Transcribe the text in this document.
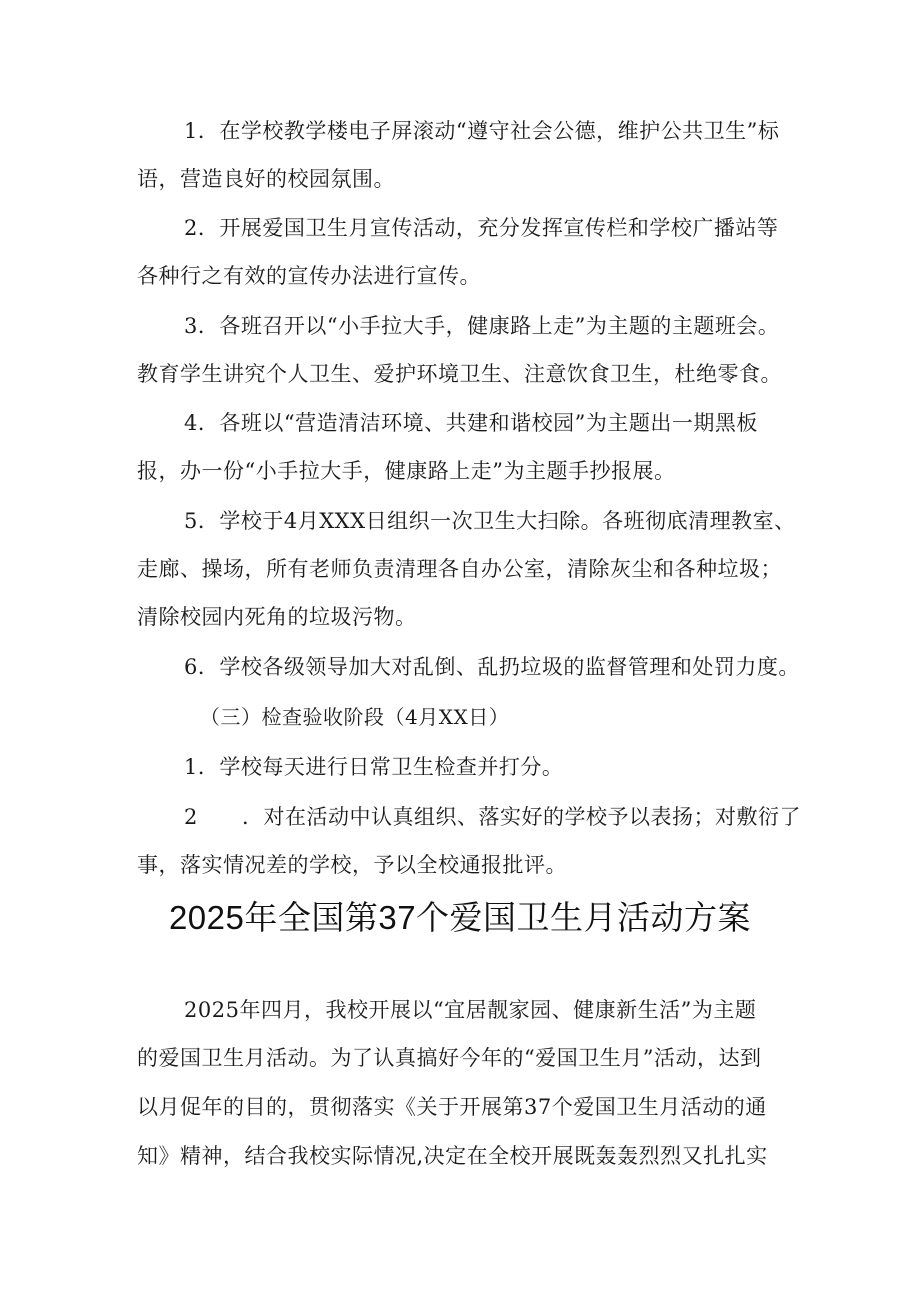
1．在学校教学楼电子屏滚动“遵守社会公德，维护公共卫生”标
语，营造良好的校园氛围。
2．开展爱国卫生月宣传活动，充分发挥宣传栏和学校广播站等
各种行之有效的宣传办法进行宣传。
3．各班召开以“小手拉大手，健康路上走”为主题的主题班会。
教育学生讲究个人卫生、爱护环境卫生、注意饮食卫生，杜绝零食。
4．各班以“营造清洁环境、共建和谐校园”为主题出一期黑板
报，办一份“小手拉大手，健康路上走”为主题手抄报展。
5．学校于4月XXX日组织一次卫生大扫除。各班彻底清理教室、
走廊、操场，所有老师负责清理各自办公室，清除灰尘和各种垃圾；
清除校园内死角的垃圾污物。
6．学校各级领导加大对乱倒、乱扔垃圾的监督管理和处罚力度。
（三）检查验收阶段（4月XX日）
1．学校每天进行日常卫生检查并打分。
2 ．对在活动中认真组织、落实好的学校予以表扬；对敷衍了
事，落实情况差的学校，予以全校通报批评。
2025年全国第37个爱国卫生月活动方案
2025年四月，我校开展以“宜居靓家园、健康新生活”为主题
的爱国卫生月活动。为了认真搞好今年的“爱国卫生月”活动，达到
以月促年的目的，贯彻落实《关于开展第37个爱国卫生月活动的通
知》精神，结合我校实际情况,决定在全校开展既轰轰烈烈又扎扎实
